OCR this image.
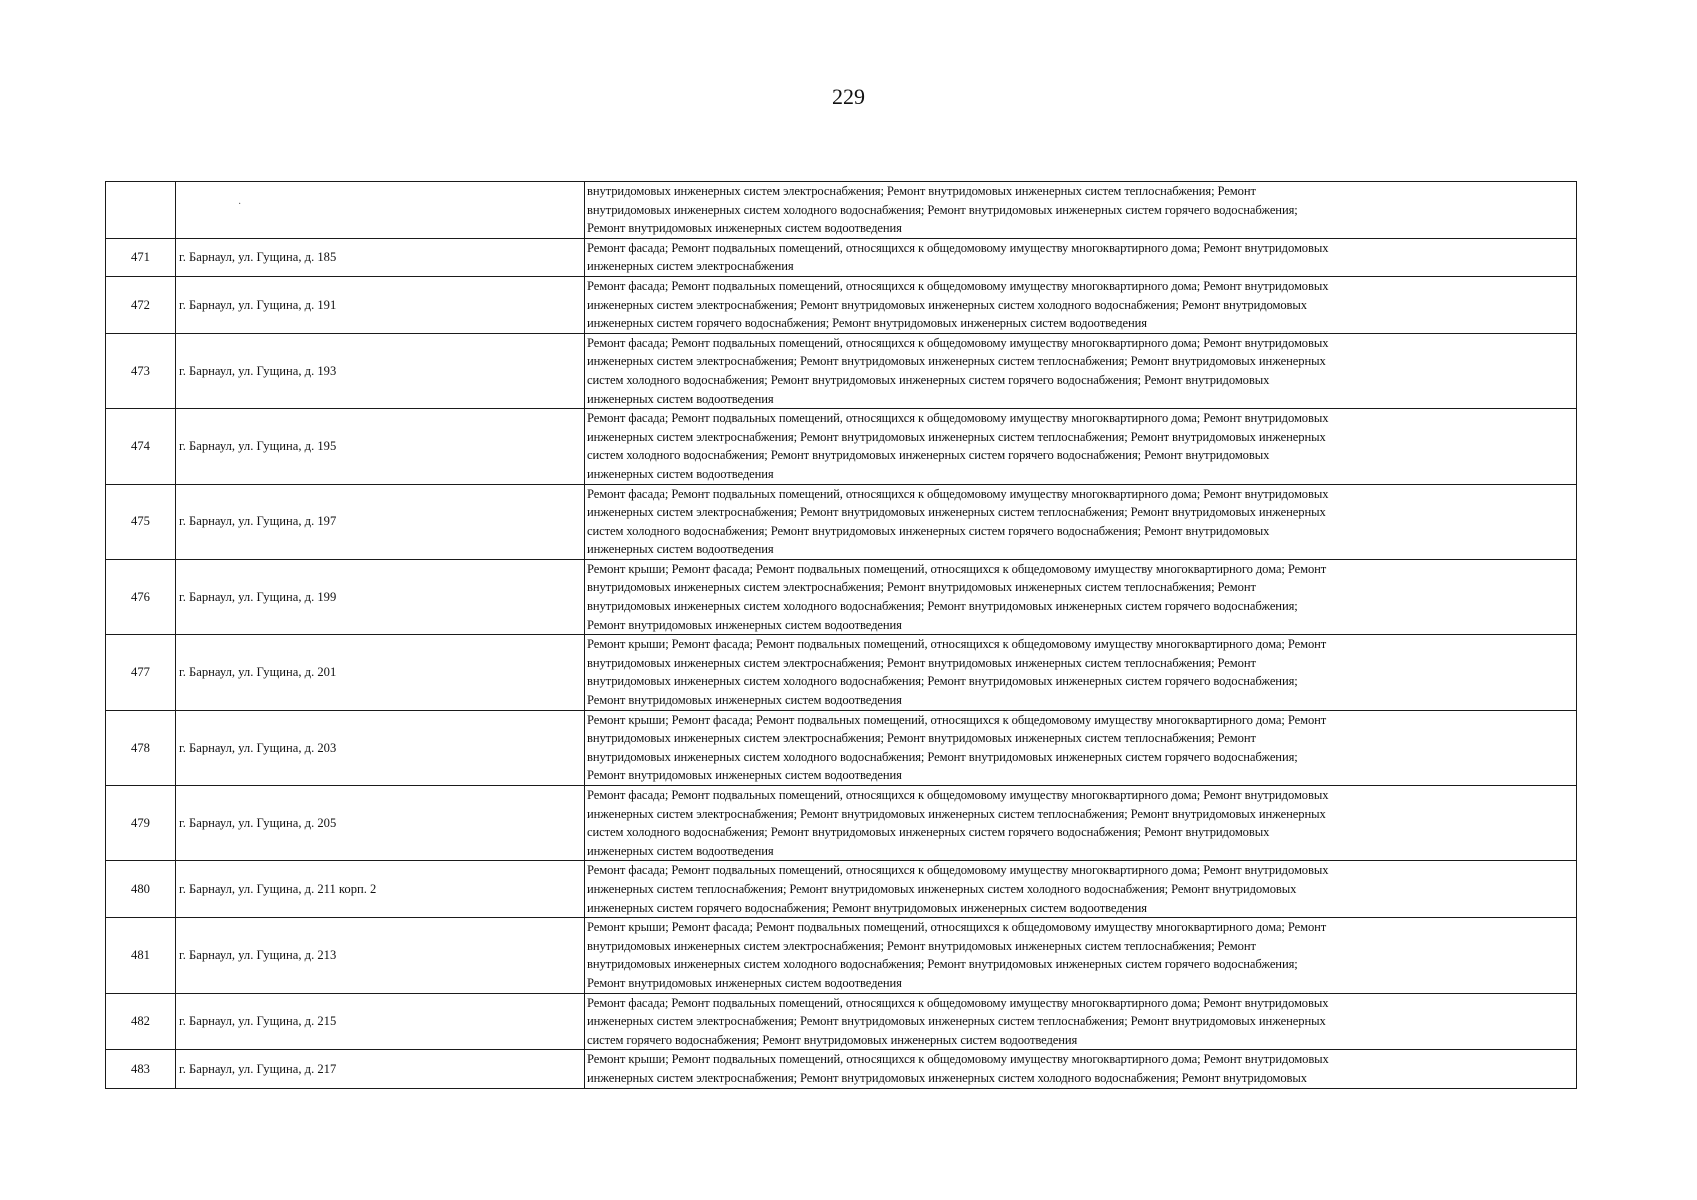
229
·

		внутридомовых инженерных систем электроснабжения; Ремонт внутридомовых инженерных систем теплоснабжения; Ремонт
внутридомовых инженерных систем холодного водоснабжения; Ремонт внутридомовых инженерных систем горячего водоснабжения;
Ремонт внутридомовых инженерных систем водоотведения

471	г. Барнаул, ул. Гущина, д. 185	Ремонт фасада; Ремонт подвальных помещений, относящихся к общедомовому имуществу многоквартирного дома; Ремонт внутридомовых
инженерных систем электроснабжения

472	г. Барнаул, ул. Гущина, д. 191	Ремонт фасада; Ремонт подвальных помещений, относящихся к общедомовому имуществу многоквартирного дома; Ремонт внутридомовых
инженерных систем электроснабжения; Ремонт внутридомовых инженерных систем холодного водоснабжения; Ремонт внутридомовых
инженерных систем горячего водоснабжения; Ремонт внутридомовых инженерных систем водоотведения

473	г. Барнаул, ул. Гущина, д. 193	Ремонт фасада; Ремонт подвальных помещений, относящихся к общедомовому имуществу многоквартирного дома; Ремонт внутридомовых
инженерных систем электроснабжения; Ремонт внутридомовых инженерных систем теплоснабжения; Ремонт внутридомовых инженерных
систем холодного водоснабжения; Ремонт внутридомовых инженерных систем горячего водоснабжения; Ремонт внутридомовых
инженерных систем водоотведения

474	г. Барнаул, ул. Гущина, д. 195	Ремонт фасада; Ремонт подвальных помещений, относящихся к общедомовому имуществу многоквартирного дома; Ремонт внутридомовых
инженерных систем электроснабжения; Ремонт внутридомовых инженерных систем теплоснабжения; Ремонт внутридомовых инженерных
систем холодного водоснабжения; Ремонт внутридомовых инженерных систем горячего водоснабжения; Ремонт внутридомовых
инженерных систем водоотведения

475	г. Барнаул, ул. Гущина, д. 197	Ремонт фасада; Ремонт подвальных помещений, относящихся к общедомовому имуществу многоквартирного дома; Ремонт внутридомовых
инженерных систем электроснабжения; Ремонт внутридомовых инженерных систем теплоснабжения; Ремонт внутридомовых инженерных
систем холодного водоснабжения; Ремонт внутридомовых инженерных систем горячего водоснабжения; Ремонт внутридомовых
инженерных систем водоотведения

476	г. Барнаул, ул. Гущина, д. 199	Ремонт крыши; Ремонт фасада; Ремонт подвальных помещений, относящихся к общедомовому имуществу многоквартирного дома; Ремонт
внутридомовых инженерных систем электроснабжения; Ремонт внутридомовых инженерных систем теплоснабжения; Ремонт
внутридомовых инженерных систем холодного водоснабжения; Ремонт внутридомовых инженерных систем горячего водоснабжения;
Ремонт внутридомовых инженерных систем водоотведения

477	г. Барнаул, ул. Гущина, д. 201	Ремонт крыши; Ремонт фасада; Ремонт подвальных помещений, относящихся к общедомовому имуществу многоквартирного дома; Ремонт
внутридомовых инженерных систем электроснабжения; Ремонт внутридомовых инженерных систем теплоснабжения; Ремонт
внутридомовых инженерных систем холодного водоснабжения; Ремонт внутридомовых инженерных систем горячего водоснабжения;
Ремонт внутридомовых инженерных систем водоотведения

478	г. Барнаул, ул. Гущина, д. 203	Ремонт крыши; Ремонт фасада; Ремонт подвальных помещений, относящихся к общедомовому имуществу многоквартирного дома; Ремонт
внутридомовых инженерных систем электроснабжения; Ремонт внутридомовых инженерных систем теплоснабжения; Ремонт
внутридомовых инженерных систем холодного водоснабжения; Ремонт внутридомовых инженерных систем горячего водоснабжения;
Ремонт внутридомовых инженерных систем водоотведения

479	г. Барнаул, ул. Гущина, д. 205	Ремонт фасада; Ремонт подвальных помещений, относящихся к общедомовому имуществу многоквартирного дома; Ремонт внутридомовых
инженерных систем электроснабжения; Ремонт внутридомовых инженерных систем теплоснабжения; Ремонт внутридомовых инженерных
систем холодного водоснабжения; Ремонт внутридомовых инженерных систем горячего водоснабжения; Ремонт внутридомовых
инженерных систем водоотведения

480	г. Барнаул, ул. Гущина, д. 211 корп. 2	Ремонт фасада; Ремонт подвальных помещений, относящихся к общедомовому имуществу многоквартирного дома; Ремонт внутридомовых
инженерных систем теплоснабжения; Ремонт внутридомовых инженерных систем холодного водоснабжения; Ремонт внутридомовых
инженерных систем горячего водоснабжения; Ремонт внутридомовых инженерных систем водоотведения

481	г. Барнаул, ул. Гущина, д. 213	Ремонт крыши; Ремонт фасада; Ремонт подвальных помещений, относящихся к общедомовому имуществу многоквартирного дома; Ремонт
внутридомовых инженерных систем электроснабжения; Ремонт внутридомовых инженерных систем теплоснабжения; Ремонт
внутридомовых инженерных систем холодного водоснабжения; Ремонт внутридомовых инженерных систем горячего водоснабжения;
Ремонт внутридомовых инженерных систем водоотведения

482	г. Барнаул, ул. Гущина, д. 215	Ремонт фасада; Ремонт подвальных помещений, относящихся к общедомовому имуществу многоквартирного дома; Ремонт внутридомовых
инженерных систем электроснабжения; Ремонт внутридомовых инженерных систем теплоснабжения; Ремонт внутридомовых инженерных
систем горячего водоснабжения; Ремонт внутридомовых инженерных систем водоотведения

483	г. Барнаул, ул. Гущина, д. 217	Ремонт крыши; Ремонт подвальных помещений, относящихся к общедомовому имуществу многоквартирного дома; Ремонт внутридомовых
инженерных систем электроснабжения; Ремонт внутридомовых инженерных систем холодного водоснабжения; Ремонт внутридомовых
